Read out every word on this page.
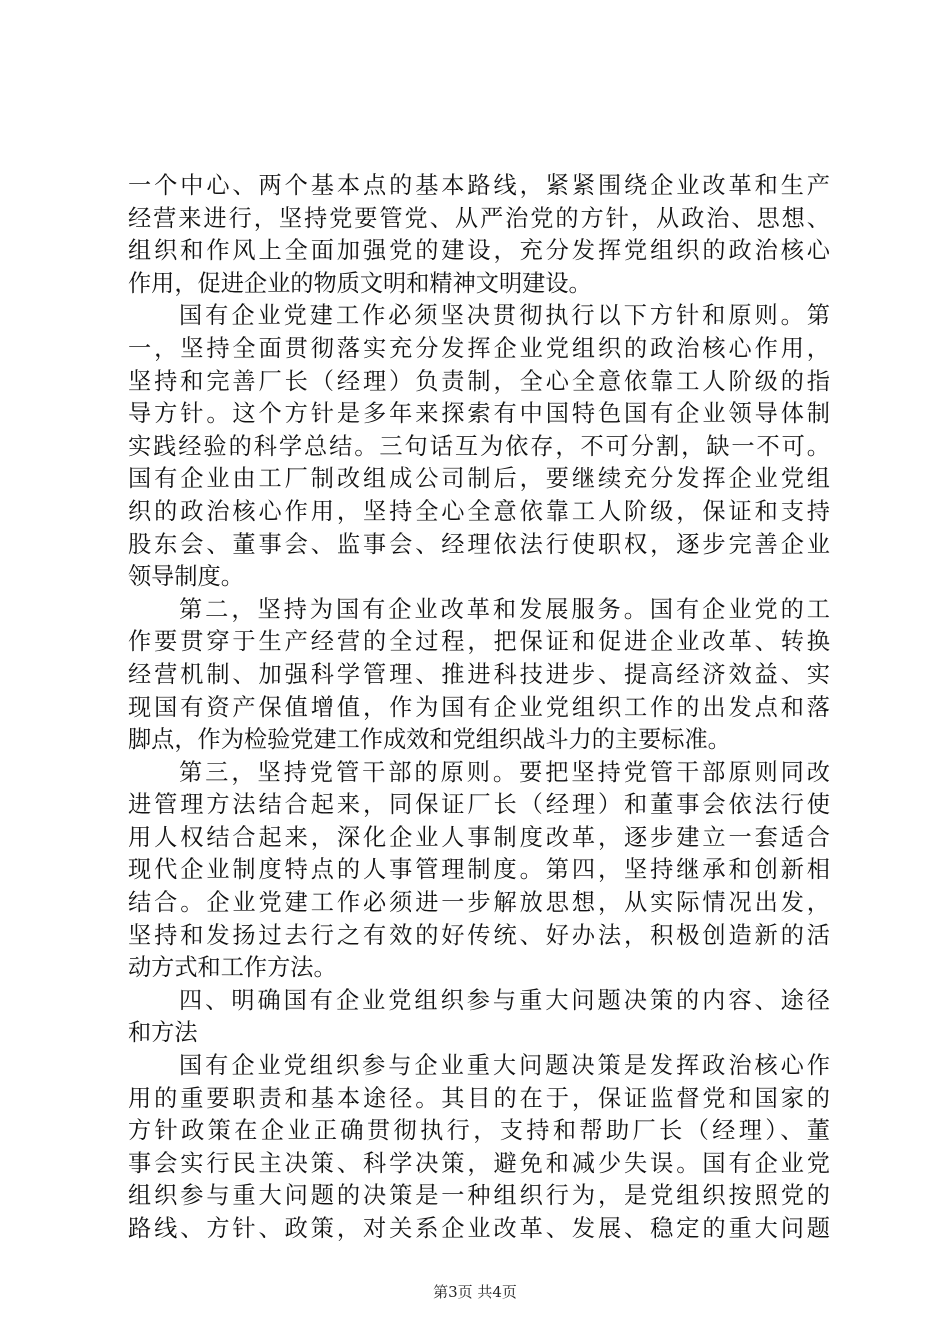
一个中心、两个基本点的基本路线，紧紧围绕企业改革和生产
经营来进行，坚持党要管党、从严治党的方针，从政治、思想、
组织和作风上全面加强党的建设，充分发挥党组织的政治核心
作用，促进企业的物质文明和精神文明建设。
国有企业党建工作必须坚决贯彻执行以下方针和原则。第
一，坚持全面贯彻落实充分发挥企业党组织的政治核心作用，
坚持和完善厂长（经理）负责制，全心全意依靠工人阶级的指
导方针。这个方针是多年来探索有中国特色国有企业领导体制
实践经验的科学总结。三句话互为依存，不可分割，缺一不可。
国有企业由工厂制改组成公司制后，要继续充分发挥企业党组
织的政治核心作用，坚持全心全意依靠工人阶级，保证和支持
股东会、董事会、监事会、经理依法行使职权，逐步完善企业
领导制度。
第二，坚持为国有企业改革和发展服务。国有企业党的工
作要贯穿于生产经营的全过程，把保证和促进企业改革、转换
经营机制、加强科学管理、推进科技进步、提高经济效益、实
现国有资产保值增值，作为国有企业党组织工作的出发点和落
脚点，作为检验党建工作成效和党组织战斗力的主要标准。
第三，坚持党管干部的原则。要把坚持党管干部原则同改
进管理方法结合起来，同保证厂长（经理）和董事会依法行使
用人权结合起来，深化企业人事制度改革，逐步建立一套适合
现代企业制度特点的人事管理制度。第四，坚持继承和创新相
结合。企业党建工作必须进一步解放思想，从实际情况出发，
坚持和发扬过去行之有效的好传统、好办法，积极创造新的活
动方式和工作方法。
四、明确国有企业党组织参与重大问题决策的内容、途径
和方法
国有企业党组织参与企业重大问题决策是发挥政治核心作
用的重要职责和基本途径。其目的在于，保证监督党和国家的
方针政策在企业正确贯彻执行，支持和帮助厂长（经理）、董
事会实行民主决策、科学决策，避免和减少失误。国有企业党
组织参与重大问题的决策是一种组织行为，是党组织按照党的
路线、方针、政策，对关系企业改革、发展、稳定的重大问题
第3页 共4页
